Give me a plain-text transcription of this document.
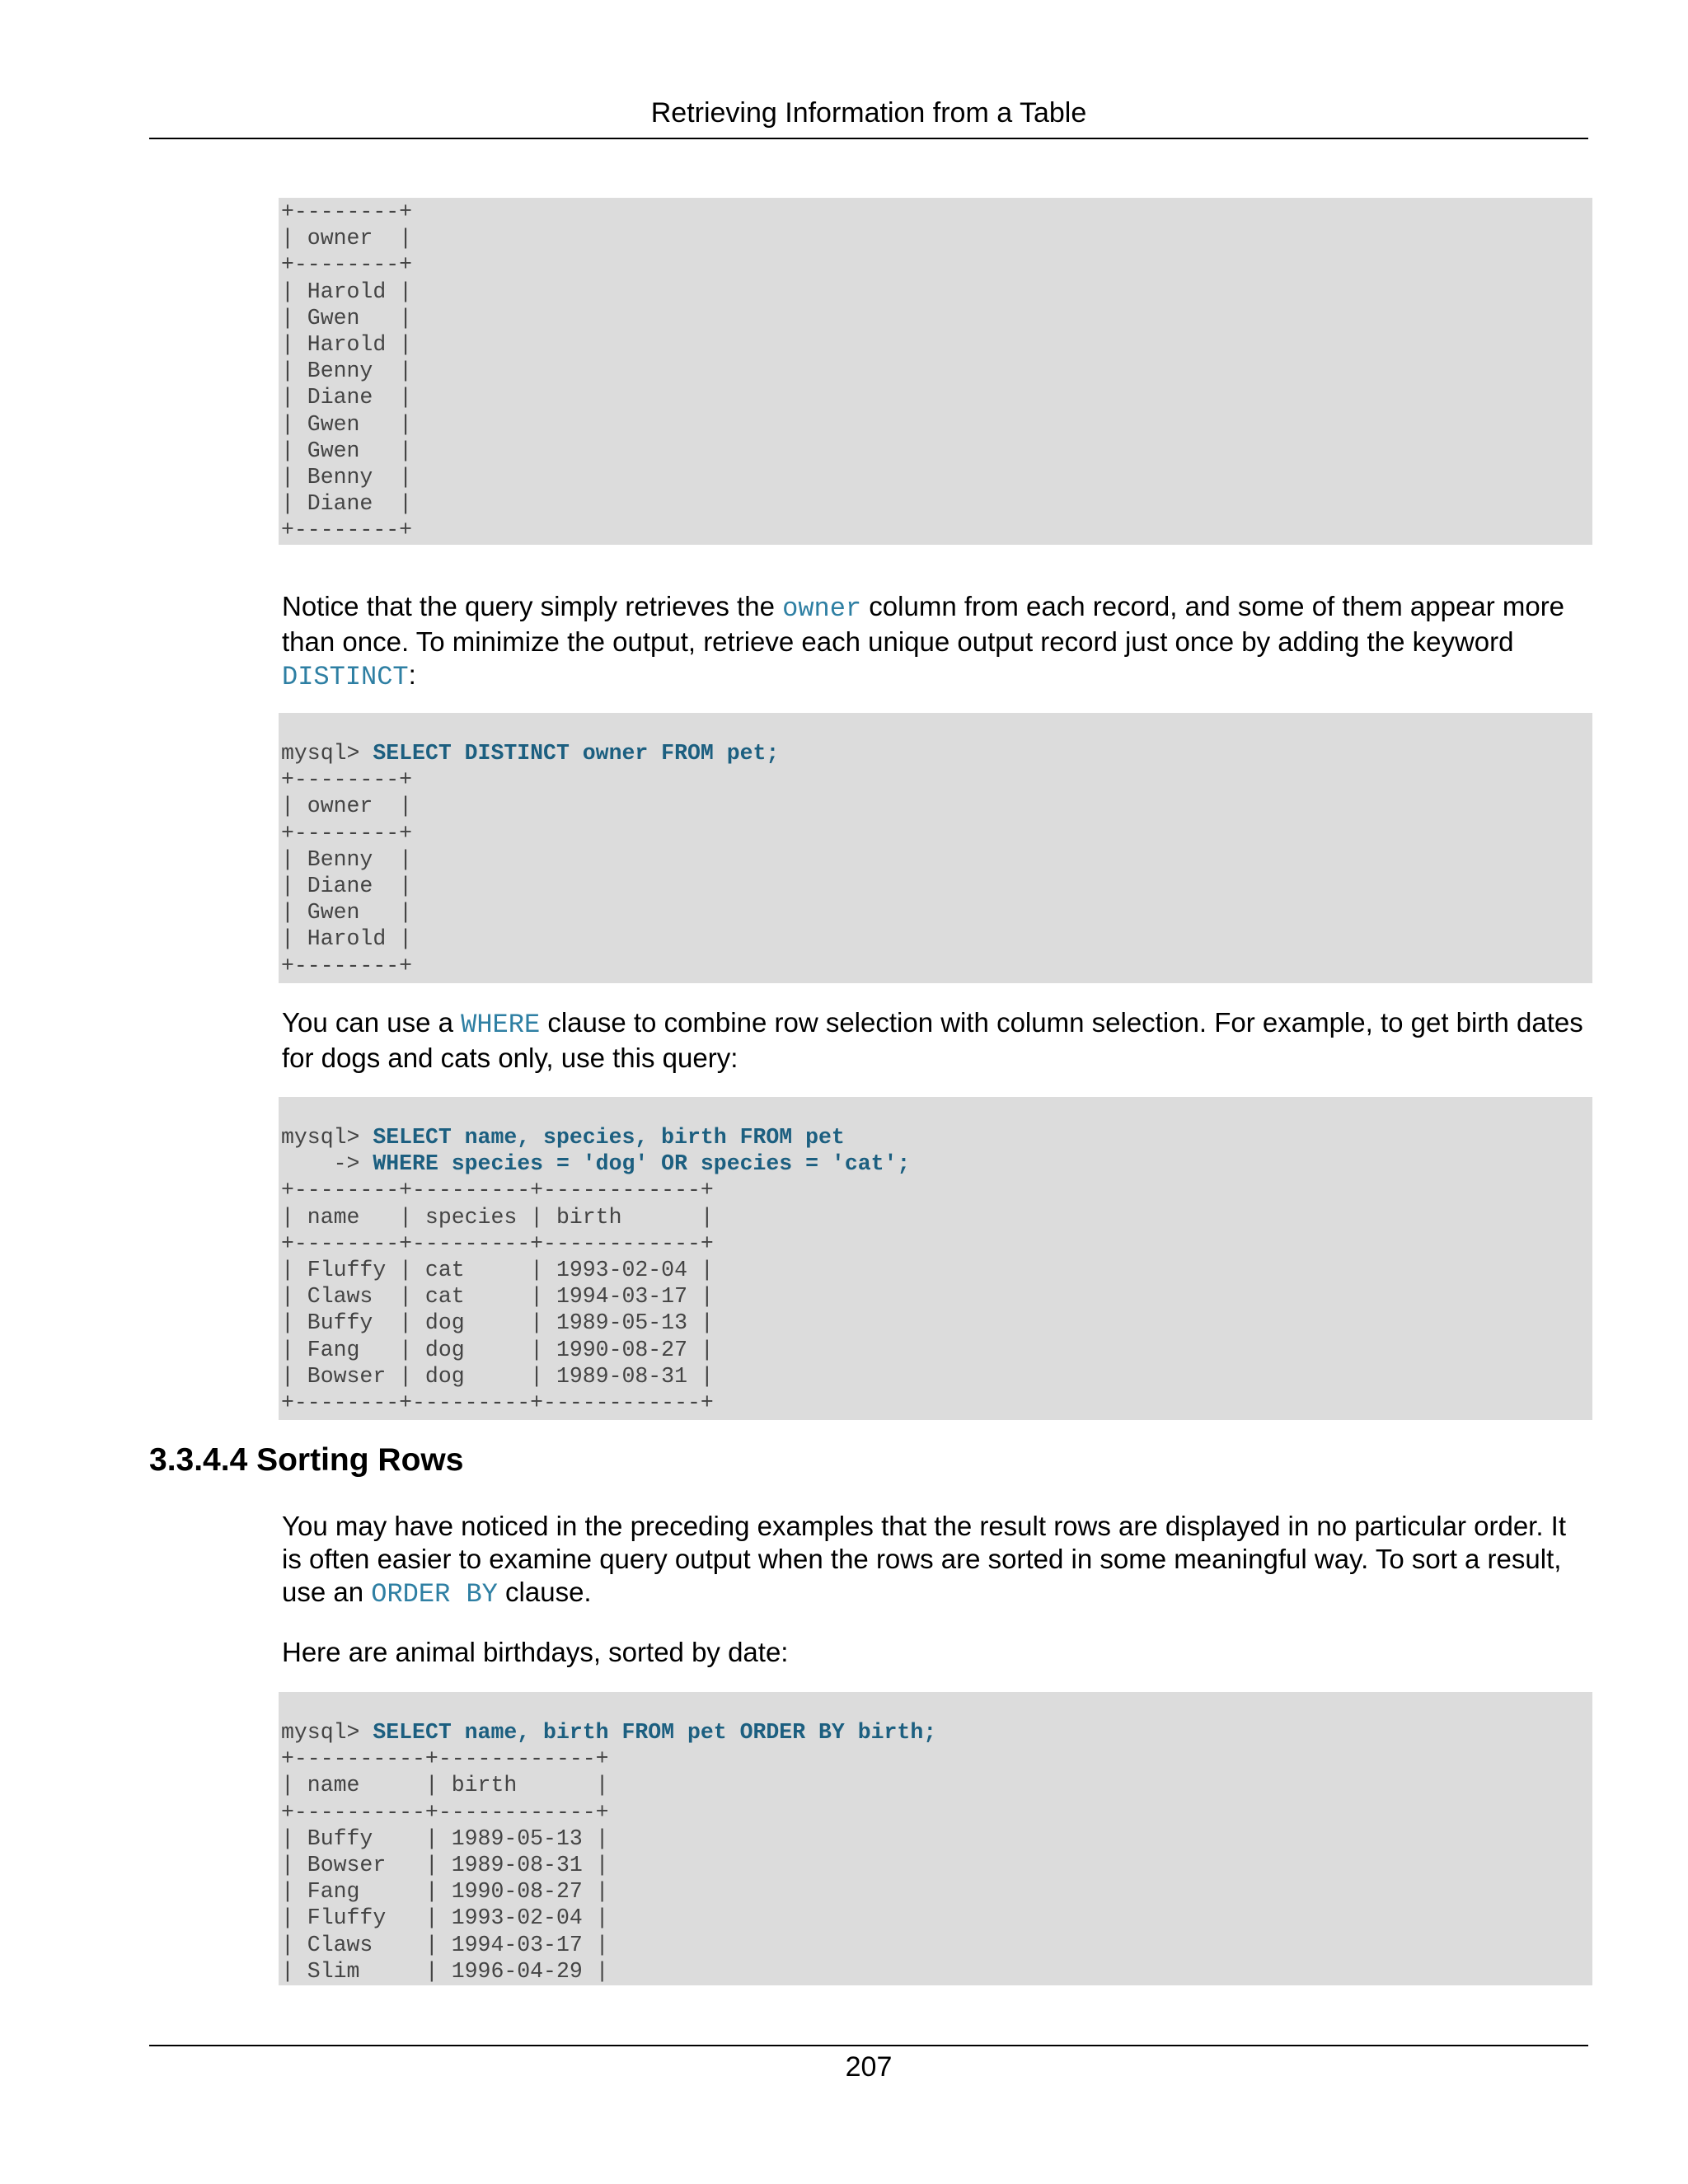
Retrieving Information from a Table
+--------+
| owner  |
+--------+
| Harold |
| Gwen   |
| Harold |
| Benny  |
| Diane  |
| Gwen   |
| Gwen   |
| Benny  |
| Diane  |
+--------+

Notice that the query simply retrieves the owner column from each record, and some of them appear more than once. To minimize the output, retrieve each unique output record just once by adding the keyword DISTINCT:

mysql> SELECT DISTINCT owner FROM pet;
+--------+
| owner  |
+--------+
| Benny  |
| Diane  |
| Gwen   |
| Harold |
+--------+

You can use a WHERE clause to combine row selection with column selection. For example, to get birth dates for dogs and cats only, use this query:

mysql> SELECT name, species, birth FROM pet
-> WHERE species = 'dog' OR species = 'cat';
+--------+---------+------------+
| name   | species | birth      |
+--------+---------+------------+
| Fluffy | cat     | 1993-02-04 |
| Claws  | cat     | 1994-03-17 |
| Buffy  | dog     | 1989-05-13 |
| Fang   | dog     | 1990-08-27 |
| Bowser | dog     | 1989-08-31 |
+--------+---------+------------+
3.3.4.4 Sorting Rows

You may have noticed in the preceding examples that the result rows are displayed in no particular order. It is often easier to examine query output when the rows are sorted in some meaningful way. To sort a result, use an ORDER BY clause.

Here are animal birthdays, sorted by date:

mysql> SELECT name, birth FROM pet ORDER BY birth;
+----------+------------+
| name     | birth      |
+----------+------------+
| Buffy    | 1989-05-13 |
| Bowser   | 1989-08-31 |
| Fang     | 1990-08-27 |
| Fluffy   | 1993-02-04 |
| Claws    | 1994-03-17 |
| Slim     | 1996-04-29 |
207
